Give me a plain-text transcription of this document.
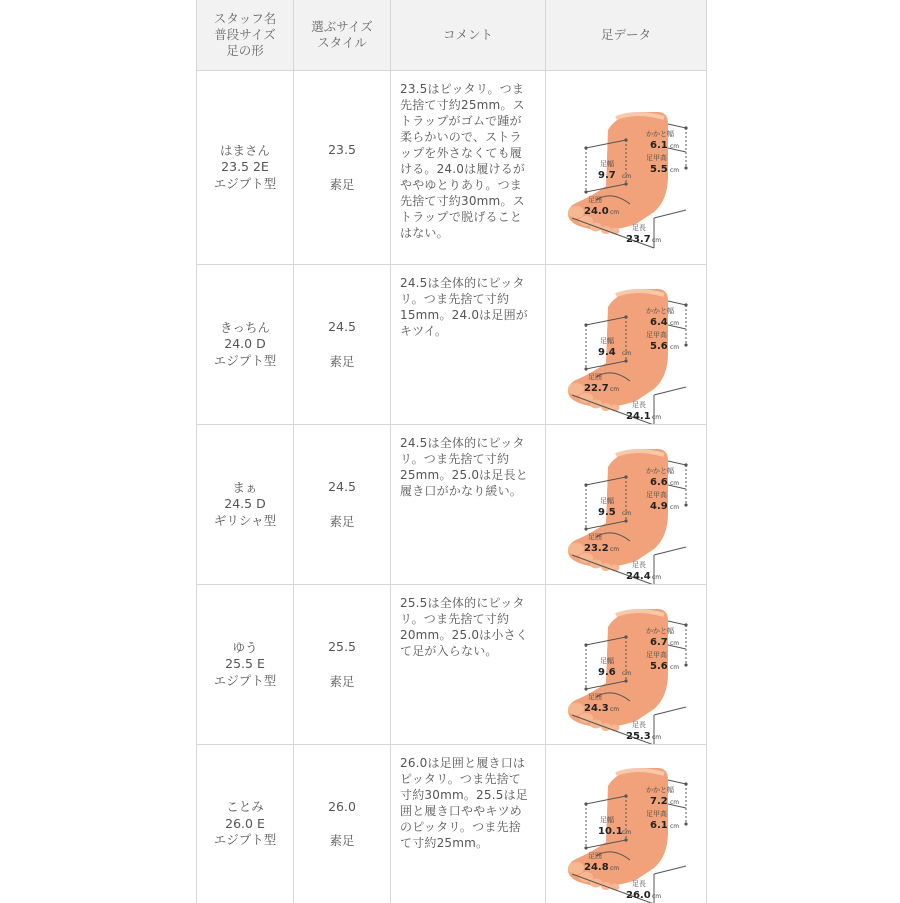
スタッフ名
普段サイズ
足の形
選ぶサイズ
スタイル
コメント	足データ
はまさん
23.5 2E
エジプト型
23.5
素足
23.5はピッタリ。つま
先捨て寸約25mm。ス
トラップがゴムで踵が
柔らかいので、ストラ
ップを外さなくても履
ける。24.0は履けるが
ややゆとりあり。つま
先捨て寸約30mm。ス
トラップで脱げること
はない。
足幅
9.7 cm
かかと幅
6.1 cm
足甲高
5.5 cm
足囲
24.0 cm
足長
23.7 cm
きっちん
24.0 D
エジプト型
24.5
素足
24.5は全体的にピッタ
リ。つま先捨て寸約
15mm。24.0は足囲が
キツイ。
足幅
9.4 cm
かかと幅
6.4 cm
足甲高
5.6 cm
足囲
22.7 cm
足長
24.1 cm
まぁ
24.5 D
ギリシャ型
24.5
素足
24.5は全体的にピッタ
リ。つま先捨て寸約
25mm。25.0は足長と
履き口がかなり緩い。
足幅
9.5 cm
かかと幅
6.6 cm
足甲高
4.9 cm
足囲
23.2 cm
足長
24.4 cm
ゆう
25.5 E
エジプト型
25.5
素足
25.5は全体的にピッタ
リ。つま先捨て寸約
20mm。25.0は小さく
て足が入らない。
足幅
9.6 cm
かかと幅
6.7 cm
足甲高
5.6 cm
足囲
24.3 cm
足長
25.3 cm
ことみ
26.0 E
エジプト型
26.0
素足
26.0は足囲と履き口は
ピッタリ。つま先捨て
寸約30mm。25.5は足
囲と履き口ややキツめ
のピッタリ。つま先捨
て寸約25mm。
足幅
10.1 cm
かかと幅
7.2 cm
足甲高
6.1 cm
足囲
24.8 cm
足長
26.0 cm
